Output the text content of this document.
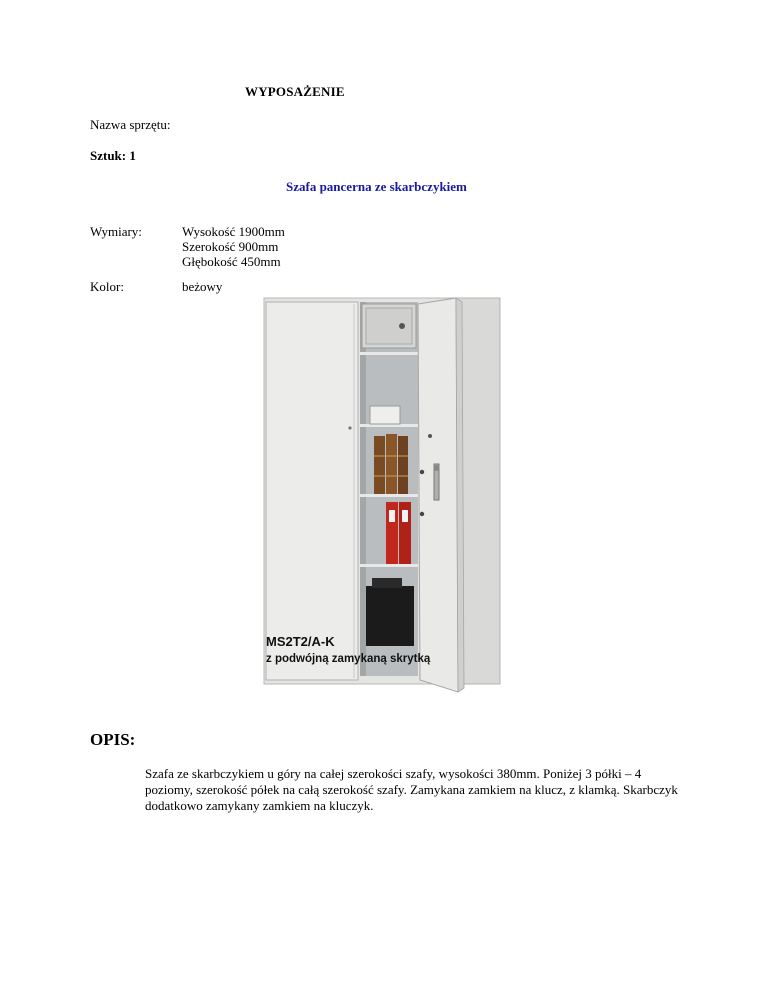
WYPOSAŻENIE
Nazwa sprzętu:
Sztuk: 1
Szafa pancerna ze skarbczykiem
Wymiary:	Wysokość 1900mm
Szerokość 900mm
Głębokość 450mm
Kolor:	beżowy
MS2T2/A-K
z podwójną zamykaną skrytką
OPIS:
Szafa ze skarbczykiem u góry na całej szerokości szafy, wysokości 380mm. Poniżej 3 półki – 4 poziomy, szerokość półek na całą szerokość szafy. Zamykana zamkiem na klucz, z klamką. Skarbczyk dodatkowo zamykany zamkiem na kluczyk.
